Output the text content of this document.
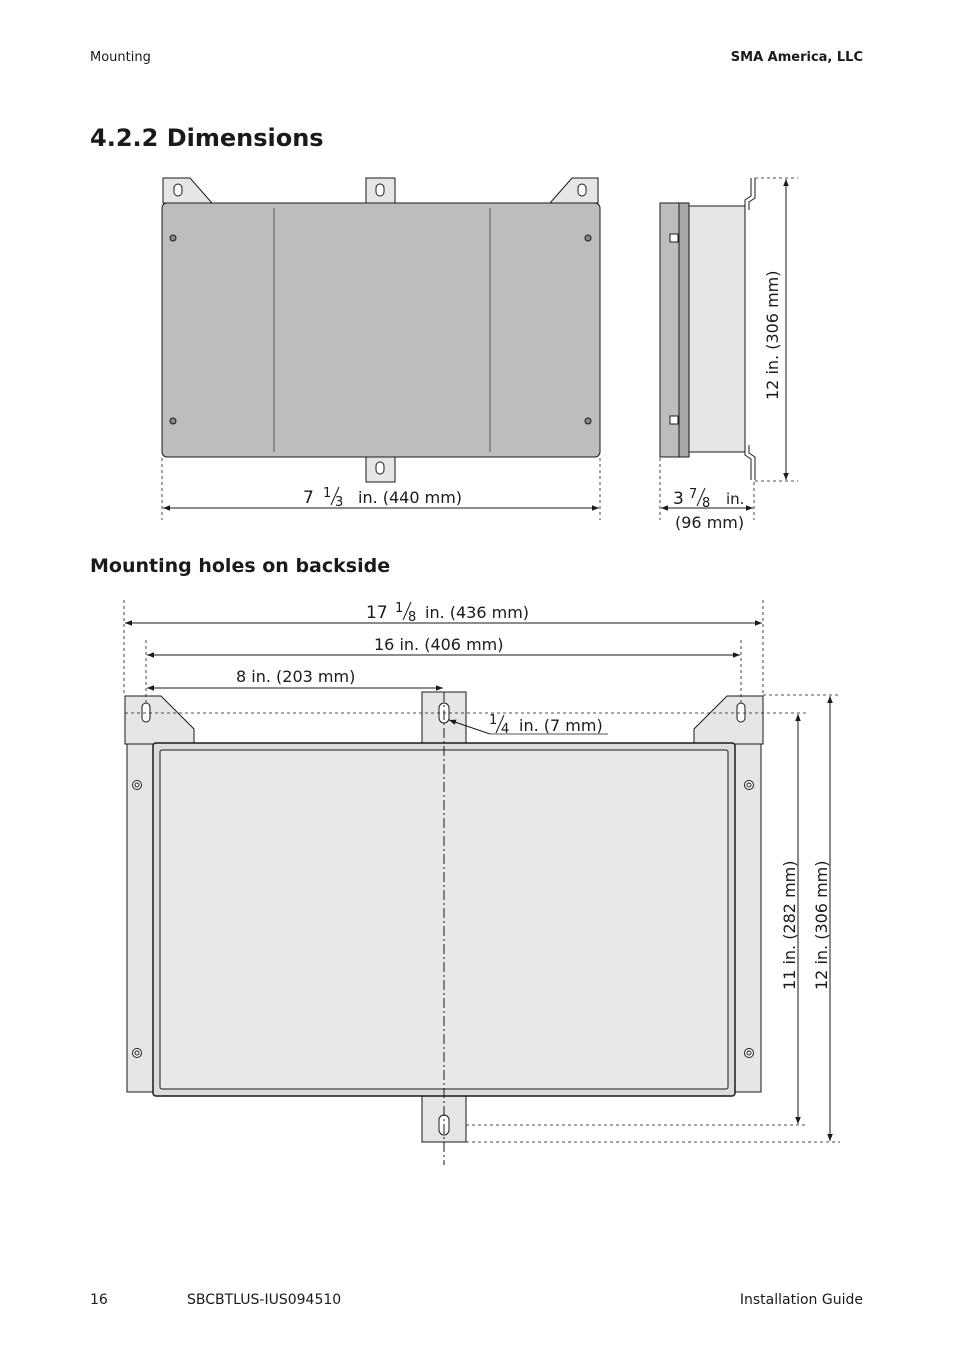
Mounting	SMA America, LLC
4.2.2 Dimensions
Mounting holes on backside
7 1
3 in. (440 mm)
12 in. (306 mm)
3 7
8 in.
(96 mm)
17 1
8 in. (436 mm)
16 in. (406 mm)
8 in. (203 mm)
1
4 in. (7 mm)
11 in. (282 mm) 12 in. (306 mm)
16	SBCBTLUS-IUS094510	Installation Guide
